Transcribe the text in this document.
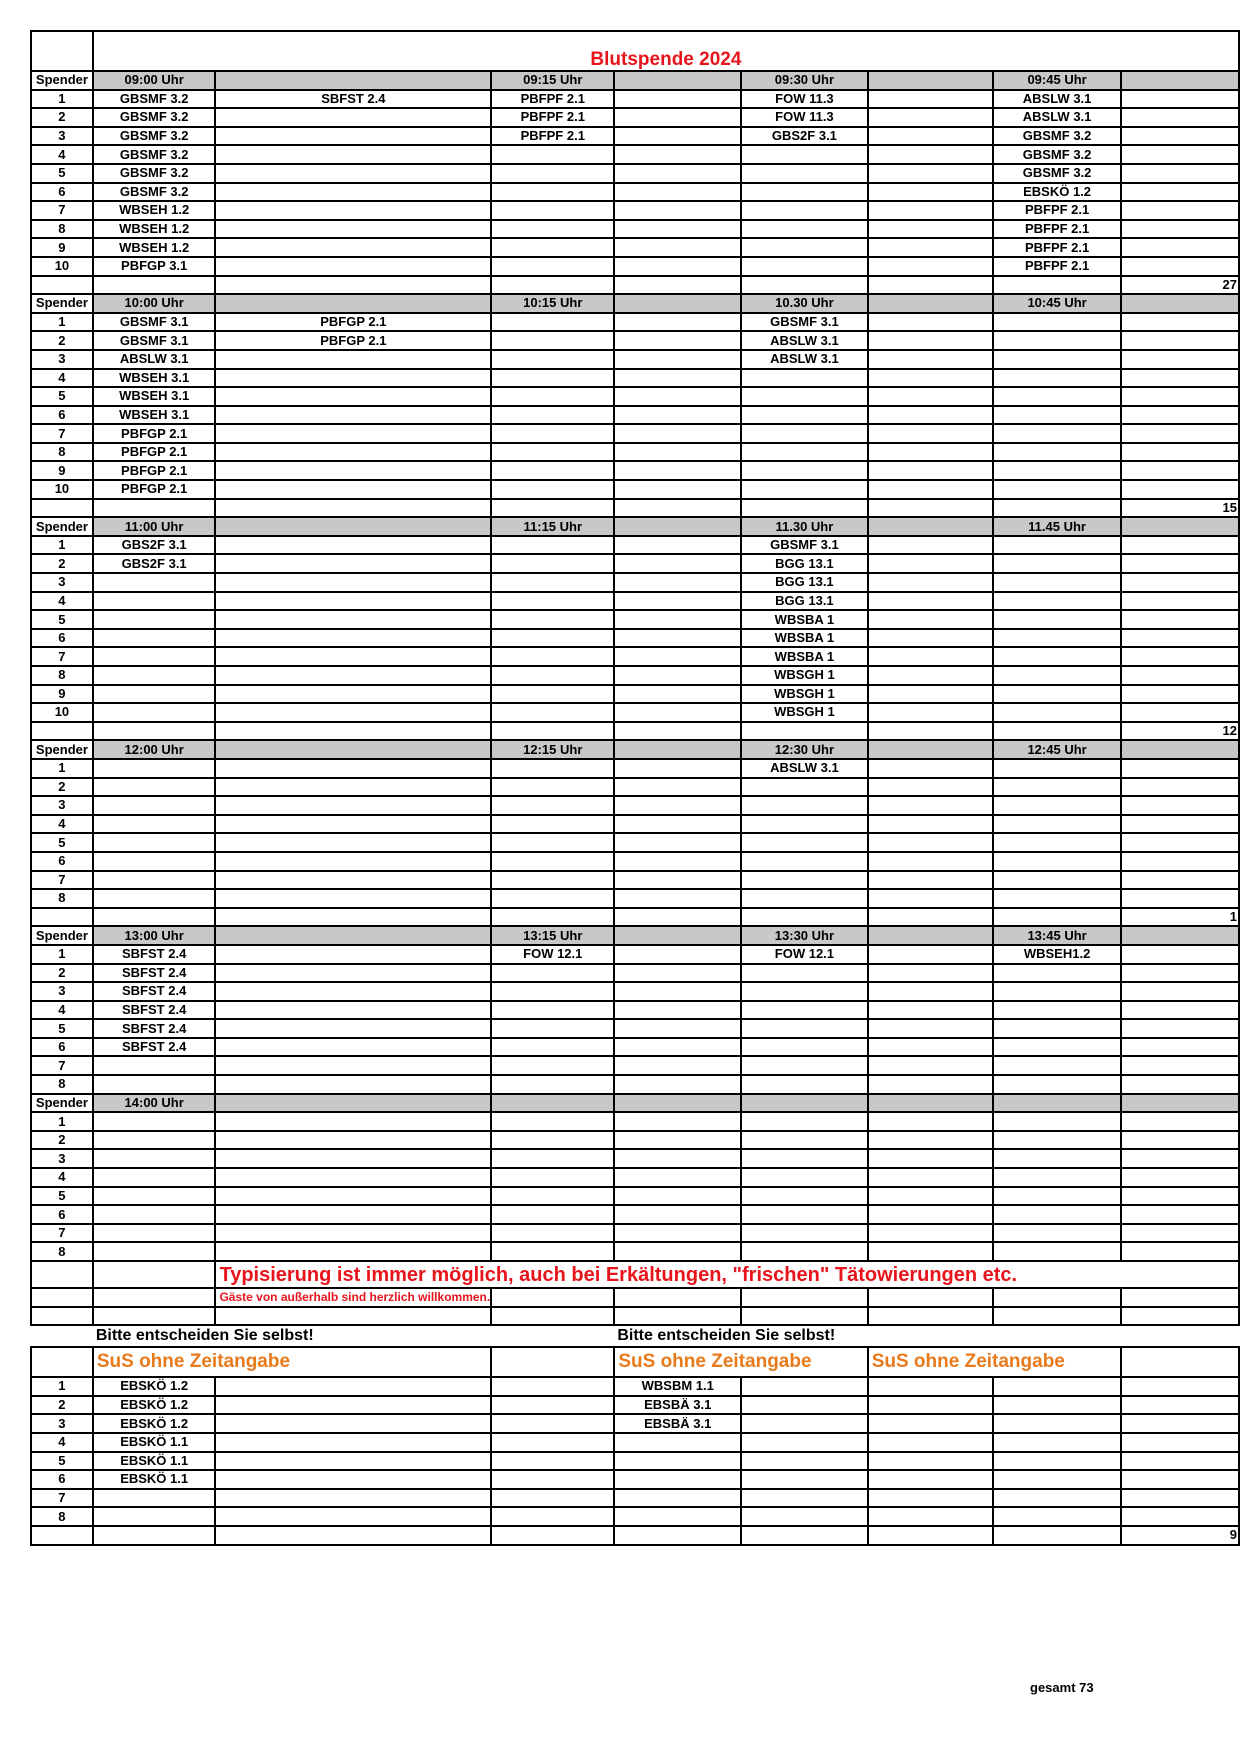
	Blutspende 2024							
Spender	09:00 Uhr		09:15 Uhr		09:30 Uhr		09:45 Uhr	
1	GBSMF 3.2	SBFST 2.4	PBFPF 2.1		FOW 11.3		ABSLW 3.1	
2	GBSMF 3.2		PBFPF 2.1		FOW 11.3		ABSLW 3.1	
3	GBSMF 3.2		PBFPF 2.1		GBS2F 3.1		GBSMF 3.2	
4	GBSMF 3.2						GBSMF 3.2	
5	GBSMF 3.2						GBSMF 3.2	
6	GBSMF 3.2						EBSKÖ 1.2	
7	WBSEH 1.2						PBFPF 2.1	
8	WBSEH 1.2						PBFPF 2.1	
9	WBSEH 1.2						PBFPF 2.1	
10	PBFGP 3.1						PBFPF 2.1	
								27
Spender	10:00 Uhr		10:15 Uhr		10.30 Uhr		10:45 Uhr	
1	GBSMF 3.1	PBFGP 2.1			GBSMF 3.1			
2	GBSMF 3.1	PBFGP 2.1			ABSLW 3.1			
3	ABSLW 3.1				ABSLW 3.1			
4	WBSEH 3.1							
5	WBSEH 3.1							
6	WBSEH 3.1							
7	PBFGP 2.1							
8	PBFGP 2.1							
9	PBFGP 2.1							
10	PBFGP 2.1							
								15
Spender	11:00 Uhr		11:15 Uhr		11.30 Uhr		11.45 Uhr	
1	GBS2F 3.1				GBSMF 3.1			
2	GBS2F 3.1				BGG 13.1			
3					BGG 13.1			
4					BGG 13.1			
5					WBSBA 1			
6					WBSBA 1			
7					WBSBA 1			
8					WBSGH 1			
9					WBSGH 1			
10					WBSGH 1			
								12
Spender	12:00 Uhr		12:15 Uhr		12:30 Uhr		12:45 Uhr	
1					ABSLW 3.1			
2								
3								
4								
5								
6								
7								
8								
								1
Spender	13:00 Uhr		13:15 Uhr		13:30 Uhr		13:45 Uhr	
1	SBFST 2.4		FOW 12.1		FOW 12.1		WBSEH1.2	
2	SBFST 2.4							
3	SBFST 2.4							
4	SBFST 2.4							
5	SBFST 2.4							
6	SBFST 2.4							
7								
8								
Spender	14:00 Uhr							
1								
2								
3								
4								
5								
6								
7								
8								
		Typisierung ist immer möglich, auch bei Erkältungen, "frischen" Tätowierungen etc.						
		Gäste von außerhalb sind herzlich willkommen.						

	Bitte entscheiden Sie selbst!			Bitte entscheiden Sie selbst!				
	SuS ohne Zeitangabe			SuS ohne Zeitangabe		SuS ohne Zeitangabe		
1	EBSKÖ 1.2			WBSBM 1.1				
2	EBSKÖ 1.2			EBSBÄ 3.1				
3	EBSKÖ 1.2			EBSBÄ 3.1				
4	EBSKÖ 1.1							
5	EBSKÖ 1.1							
6	EBSKÖ 1.1							
7								
8								
								9
gesamt 73
